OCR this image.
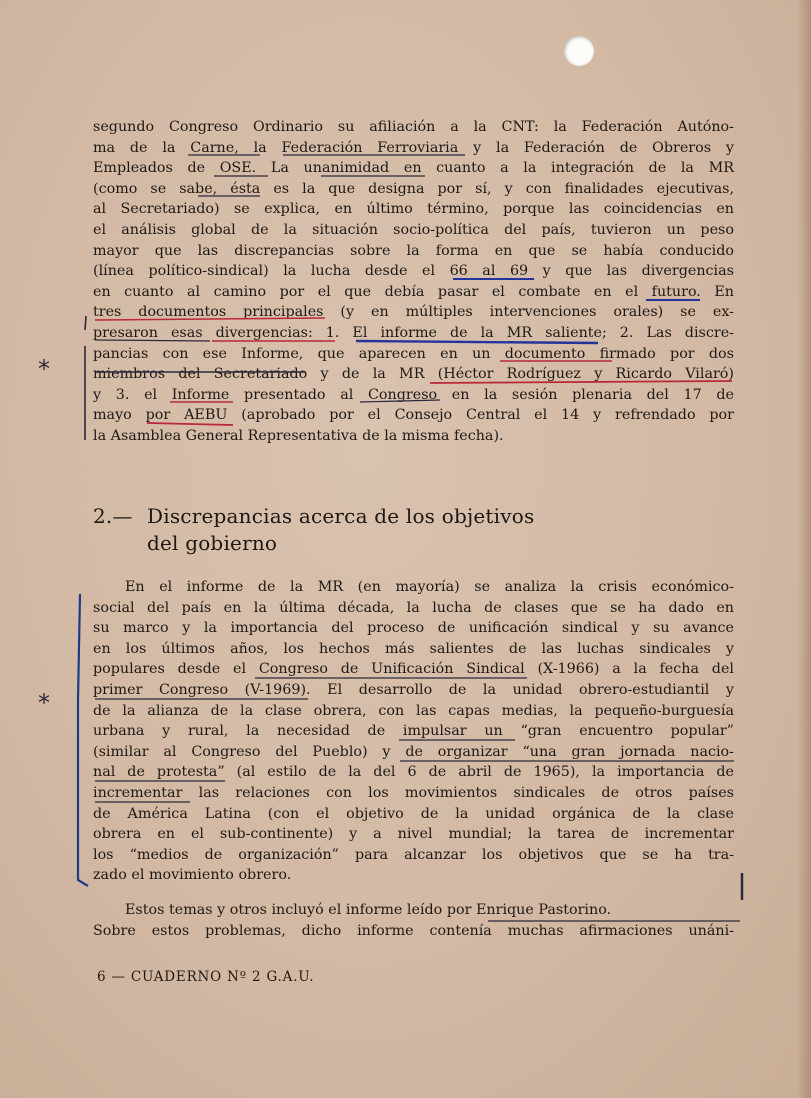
segundo Congreso Ordinario su afiliación a la CNT: la Federación Autóno-

ma de la Carne, la Federación Ferroviaria y la Federación de Obreros y

Empleados de OSE. La unanimidad en cuanto a la integración de la MR

(como se sabe, ésta es la que designa por sí, y con finalidades ejecutivas,

al Secretariado) se explica, en último término, porque las coincidencias en

el análisis global de la situación socio-política del país, tuvieron un peso

mayor que las discrepancias sobre la forma en que se había conducido

(línea político-sindical) la lucha desde el 66 al 69 y que las divergencias

en cuanto al camino por el que debía pasar el combate en el futuro. En

tres documentos principales (y en múltiples intervenciones orales) se ex-

presaron esas divergencias: 1. El informe de la MR saliente; 2. Las discre-

pancias con ese Informe, que aparecen en un documento firmado por dos

miembros del Secretariado y de la MR (Héctor Rodríguez y Ricardo Vilaró)

y 3. el Informe presentado al Congreso en la sesión plenaria del 17 de

mayo por AEBU (aprobado por el Consejo Central el 14 y refrendado por

la Asamblea General Representativa de la misma fecha).

2.— Discrepancias acerca de los objetivos
del gobierno

En el informe de la MR (en mayoría) se analiza la crisis económico-

social del país en la última década, la lucha de clases que se ha dado en

su marco y la importancia del proceso de unificación sindical y su avance

en los últimos años, los hechos más salientes de las luchas sindicales y

populares desde el Congreso de Unificación Sindical (X-1966) a la fecha del

primer Congreso (V-1969). El desarrollo de la unidad obrero-estudiantil y

de la alianza de la clase obrera, con las capas medias, la pequeño-burguesía

urbana y rural, la necesidad de impulsar un “gran encuentro popular”

(similar al Congreso del Pueblo) y de organizar “una gran jornada nacio-

nal de protesta” (al estilo de la del 6 de abril de 1965), la importancia de

incrementar las relaciones con los movimientos sindicales de otros países

de América Latina (con el objetivo de la unidad orgánica de la clase

obrera en el sub-continente) y a nivel mundial; la tarea de incrementar

los “medios de organización” para alcanzar los objetivos que se ha tra-

zado el movimiento obrero.

Estos temas y otros incluyó el informe leído por Enrique Pastorino.

Sobre estos problemas, dicho informe contenía muchas afirmaciones unáni-

6 — CUADERNO Nº 2 G.A.U.
*
*
